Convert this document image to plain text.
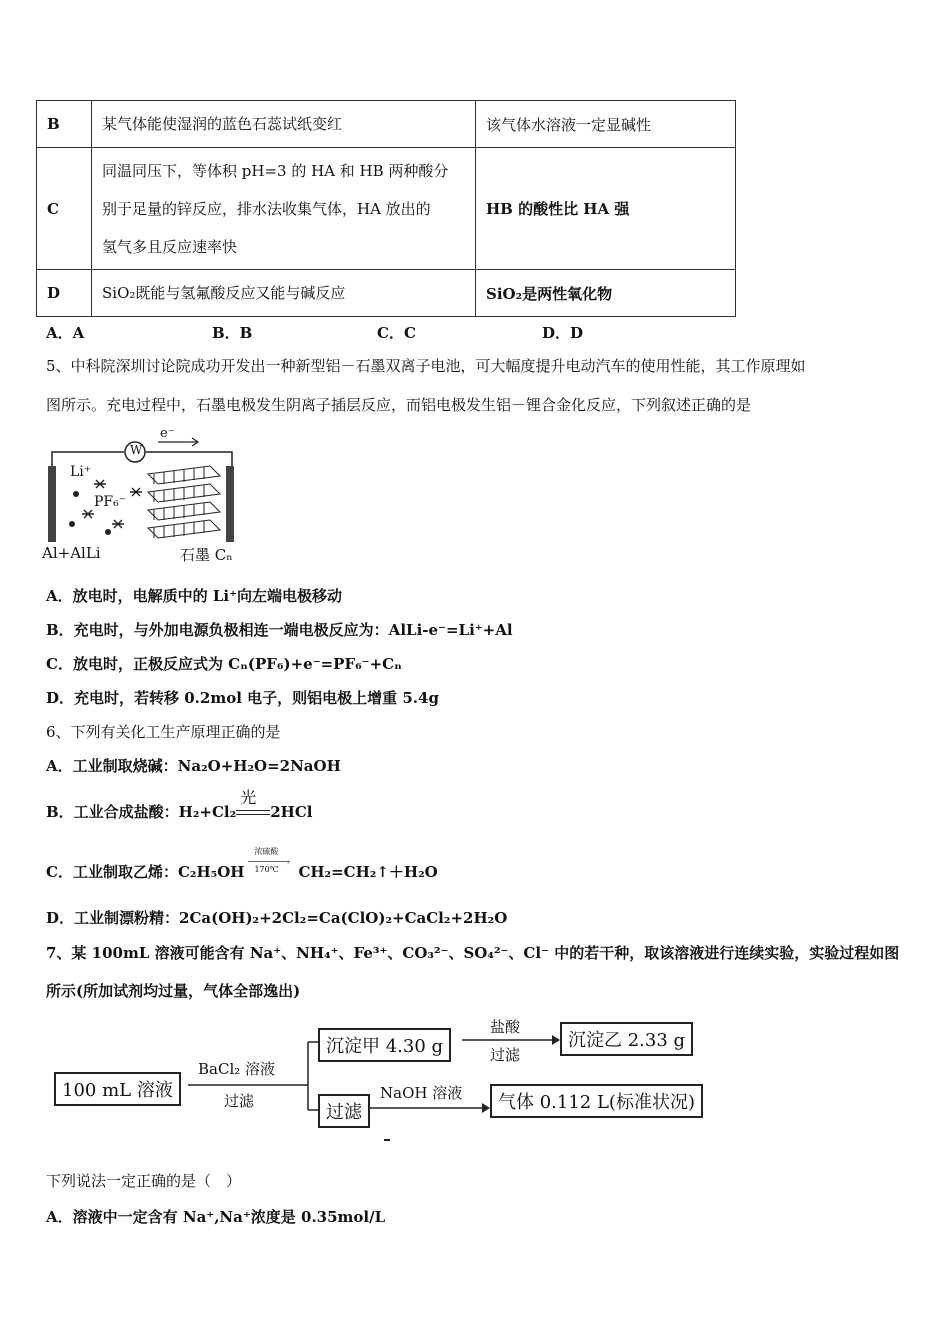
B	某气体能使湿润的蓝色石蕊试纸变红	该气体水溶液一定显碱性
C	同温同压下，等体积 pH=3 的 HA 和 HB 两种酸分
别于足量的锌反应，排水法收集气体，HA 放出的
氢气多且反应速率快	HB 的酸性比 HA 强
D	SiO₂既能与氢氟酸反应又能与碱反应	SiO₂是两性氧化物
A．A	B．B	C．C	D．D
5、中科院深圳讨论院成功开发出一种新型铝－石墨双离子电池，可大幅度提升电动汽车的使用性能，其工作原理如
图所示。充电过程中，石墨电极发生阴离子插层反应，而铝电极发生铝－锂合金化反应，下列叙述正确的是
W
e⁻
Li⁺
PF₆⁻
Al+AlLi	石墨 Cₙ
A．放电时，电解质中的 Li⁺向左端电极移动
B．充电时，与外加电源负极相连一端电极反应为：AlLi-e⁻=Li⁺+Al
C．放电时，正极反应式为 Cₙ(PF₆)+e⁻=PF₆⁻+Cₙ
D．充电时，若转移 0.2mol 电子，则铝电极上增重 5.4g
6、下列有关化工生产原理正确的是
A．工业制取烧碱：Na₂O+H₂O=2NaOH
B．工业合成盐酸：H₂+Cl₂
光
2HCl
C．工业制取乙烯：C₂H₅OH
浓硫酸
›
170℃ CH₂=CH₂↑＋H₂O
D．工业制漂粉精：2Ca(OH)₂+2Cl₂=Ca(ClO)₂+CaCl₂+2H₂O
7、某 100mL 溶液可能含有 Na⁺、NH₄⁺、Fe³⁺、CO₃²⁻、SO₄²⁻、Cl⁻ 中的若干种，取该溶液进行连续实验，实验过程如图
所示(所加试剂均过量，气体全部逸出)
100 mL 溶液
BaCl₂ 溶液
过滤
沉淀甲 4.30 g
盐酸
过滤
沉淀乙 2.33 g
过滤
NaOH 溶液	气体 0.112 L(标准状况)
下列说法一定正确的是（　）
A．溶液中一定含有 Na⁺,Na⁺浓度是 0.35mol/L
